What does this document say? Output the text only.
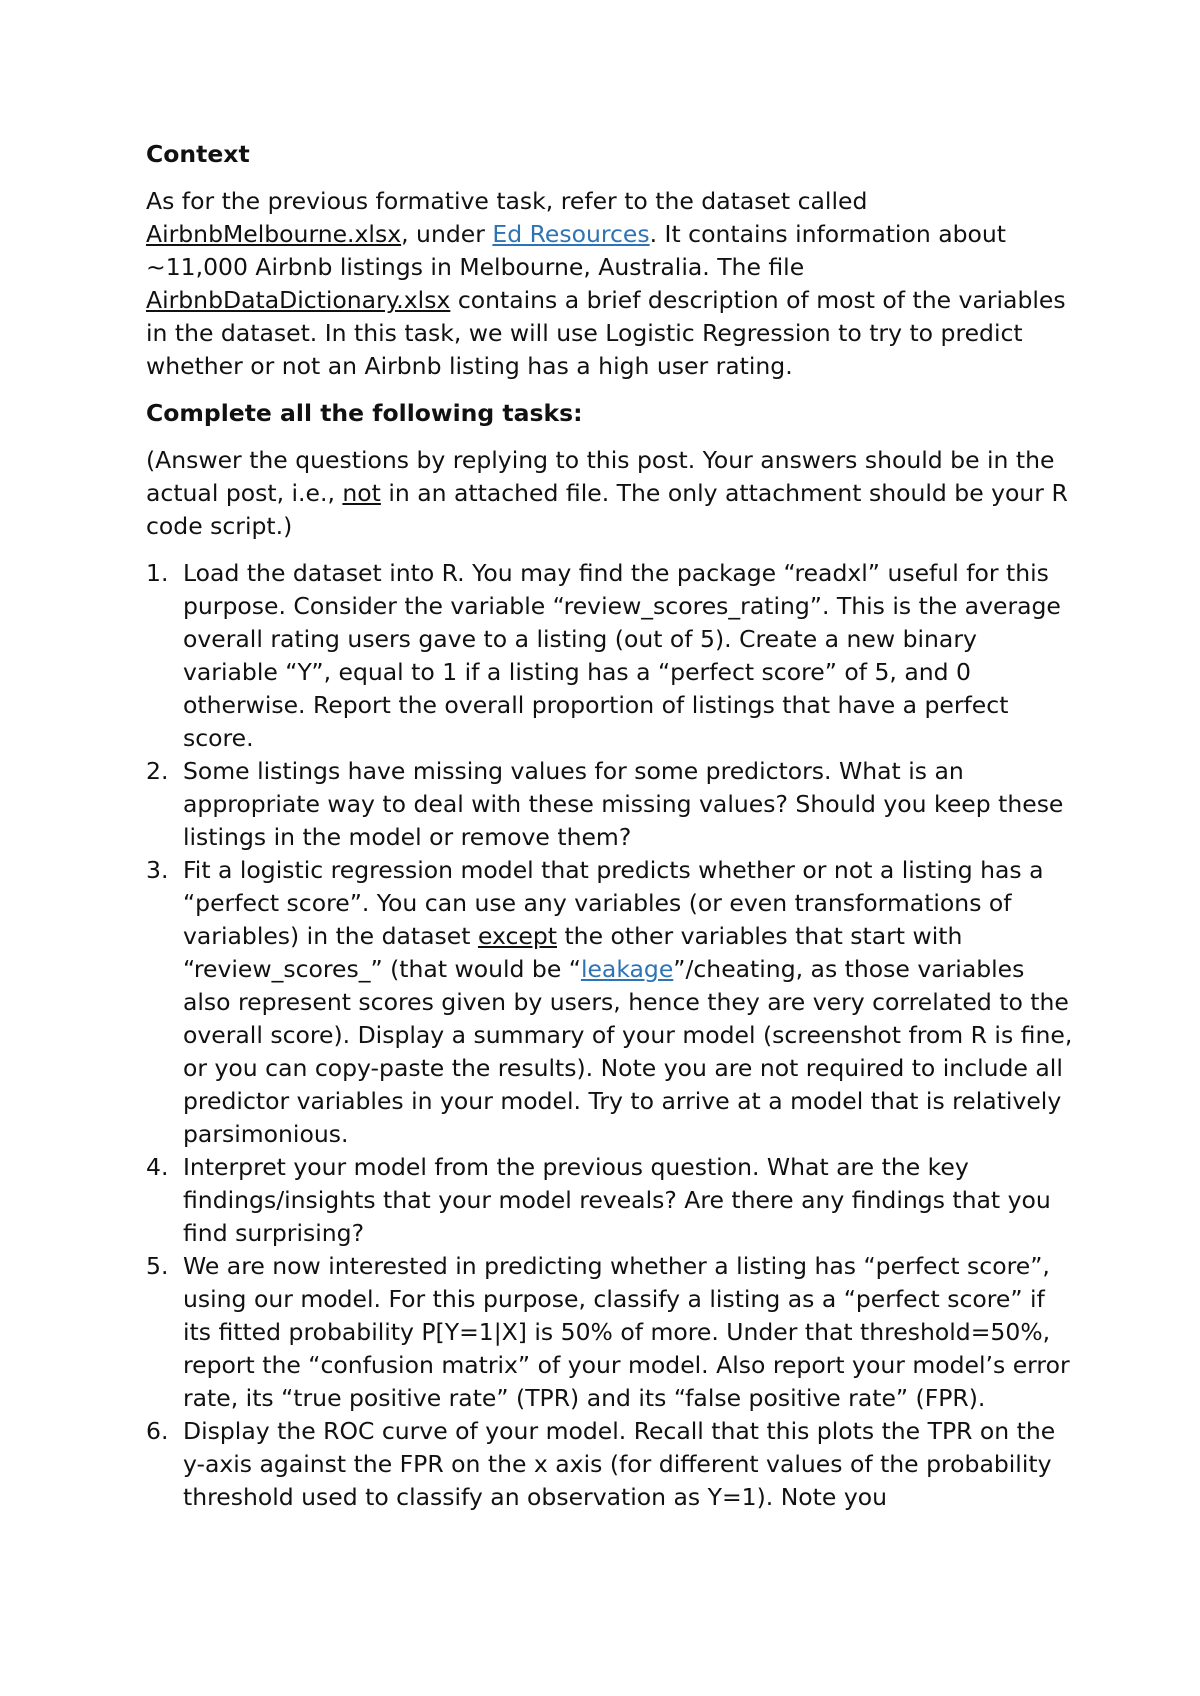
Context
As for the previous formative task, refer to the dataset called
AirbnbMelbourne.xlsx, under Ed Resources. It contains information about ~11,000 Airbnb listings in Melbourne, Australia. The file AirbnbDataDictionary.xlsx contains a brief description of most of the variables in the dataset. In this task, we will use Logistic Regression to try to predict whether or not an Airbnb listing has a high user rating.
Complete all the following tasks:
(Answer the questions by replying to this post. Your answers should be in the actual post, i.e., not in an attached file. The only attachment should be your R code script.)
1. Load the dataset into R. You may find the package “readxl” useful for this purpose. Consider the variable “review_scores_rating”. This is the average overall rating users gave to a listing (out of 5). Create a new binary variable “Y”, equal to 1 if a listing has a “perfect score” of 5, and 0 otherwise. Report the overall proportion of listings that have a perfect score.
2. Some listings have missing values for some predictors. What is an appropriate way to deal with these missing values? Should you keep these listings in the model or remove them?
3. Fit a logistic regression model that predicts whether or not a listing has a “perfect score”. You can use any variables (or even transformations of variables) in the dataset except the other variables that start with “review_scores_” (that would be “leakage”/cheating, as those variables also represent scores given by users, hence they are very correlated to the overall score). Display a summary of your model (screenshot from R is fine, or you can copy-paste the results). Note you are not required to include all predictor variables in your model. Try to arrive at a model that is relatively parsimonious.
4. Interpret your model from the previous question. What are the key findings/insights that your model reveals? Are there any findings that you find surprising?
5. We are now interested in predicting whether a listing has “perfect score”, using our model. For this purpose, classify a listing as a “perfect score” if its fitted probability P[Y=1|X] is 50% of more. Under that threshold=50%, report the “confusion matrix” of your model. Also report your model’s error rate, its “true positive rate” (TPR) and its “false positive rate” (FPR).
6. Display the ROC curve of your model. Recall that this plots the TPR on the y-axis against the FPR on the x axis (for different values of the probability threshold used to classify an observation as Y=1). Note you
